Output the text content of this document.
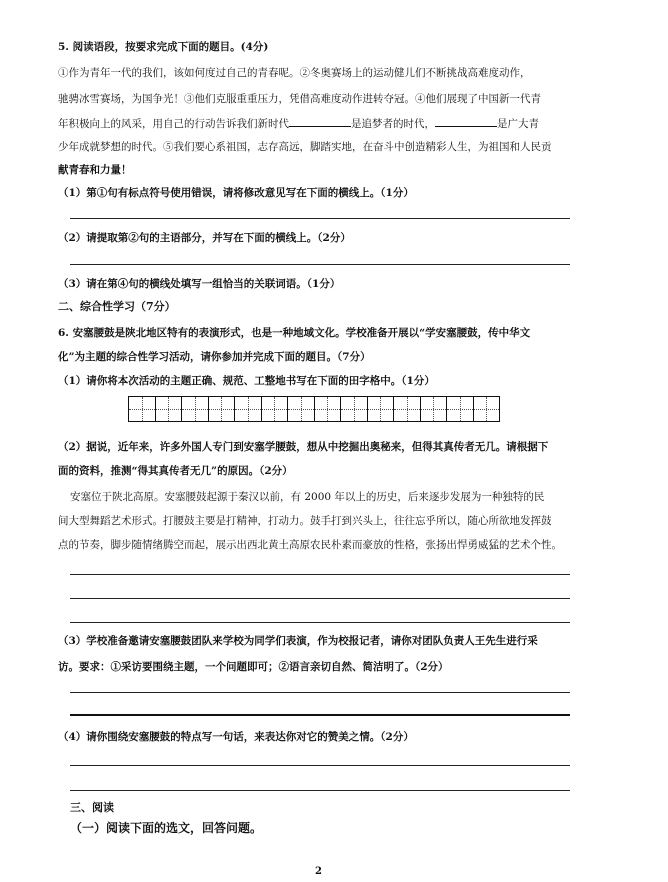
5. 阅读语段，按要求完成下面的题目。(4分)
①作为青年一代的我们，该如何度过自己的青春呢。②冬奥赛场上的运动健儿们不断挑战高难度动作，
驰骋冰雪赛场，为国争光！③他们克服重重压力，凭借高难度动作进转夺冠。④他们展现了中国新一代青
年积极向上的风采，用自己的行动告诉我们新时代	是追梦者的时代，	是广大青
少年成就梦想的时代。⑤我们要心系祖国，志存高远，脚踏实地，在奋斗中创造精彩人生，为祖国和人民贡
献青春和力量！
（1）第①句有标点符号使用错误，请将修改意见写在下面的横线上。（1分）
（2）请提取第②句的主语部分，并写在下面的横线上。（2分）
（3）请在第④句的横线处填写一组恰当的关联词语。（1分）
二、综合性学习（7分）
6. 安塞腰鼓是陕北地区特有的表演形式，也是一种地域文化。学校准备开展以“学安塞腰鼓，传中华文
化”为主题的综合性学习活动，请你参加并完成下面的题目。（7分）
（1）请你将本次活动的主题正确、规范、工整地书写在下面的田字格中。（1分）
（2）据说，近年来，许多外国人专门到安塞学腰鼓，想从中挖掘出奥秘来，但得其真传者无几。请根据下
面的资料，推测“得其真传者无几”的原因。（2分）
安塞位于陕北高原。安塞腰鼓起源于秦汉以前，有 2000 年以上的历史，后来逐步发展为一种独特的民
间大型舞蹈艺术形式。打腰鼓主要是打精神，打动力。鼓手打到兴头上，往往忘乎所以，随心所欲地发挥鼓
点的节奏，脚步随情绪腾空而起，展示出西北黄土高原农民朴素而豪放的性格，张扬出悍勇威猛的艺术个性。
（3）学校准备邀请安塞腰鼓团队来学校为同学们表演，作为校报记者，请你对团队负责人王先生进行采
访。要求：①采访要围绕主题，一个问题即可；②语言亲切自然、简洁明了。（2分）
（4）请你围绕安塞腰鼓的特点写一句话，来表达你对它的赞美之情。（2分）
三、阅读
（一）阅读下面的选文，回答问题。
2
